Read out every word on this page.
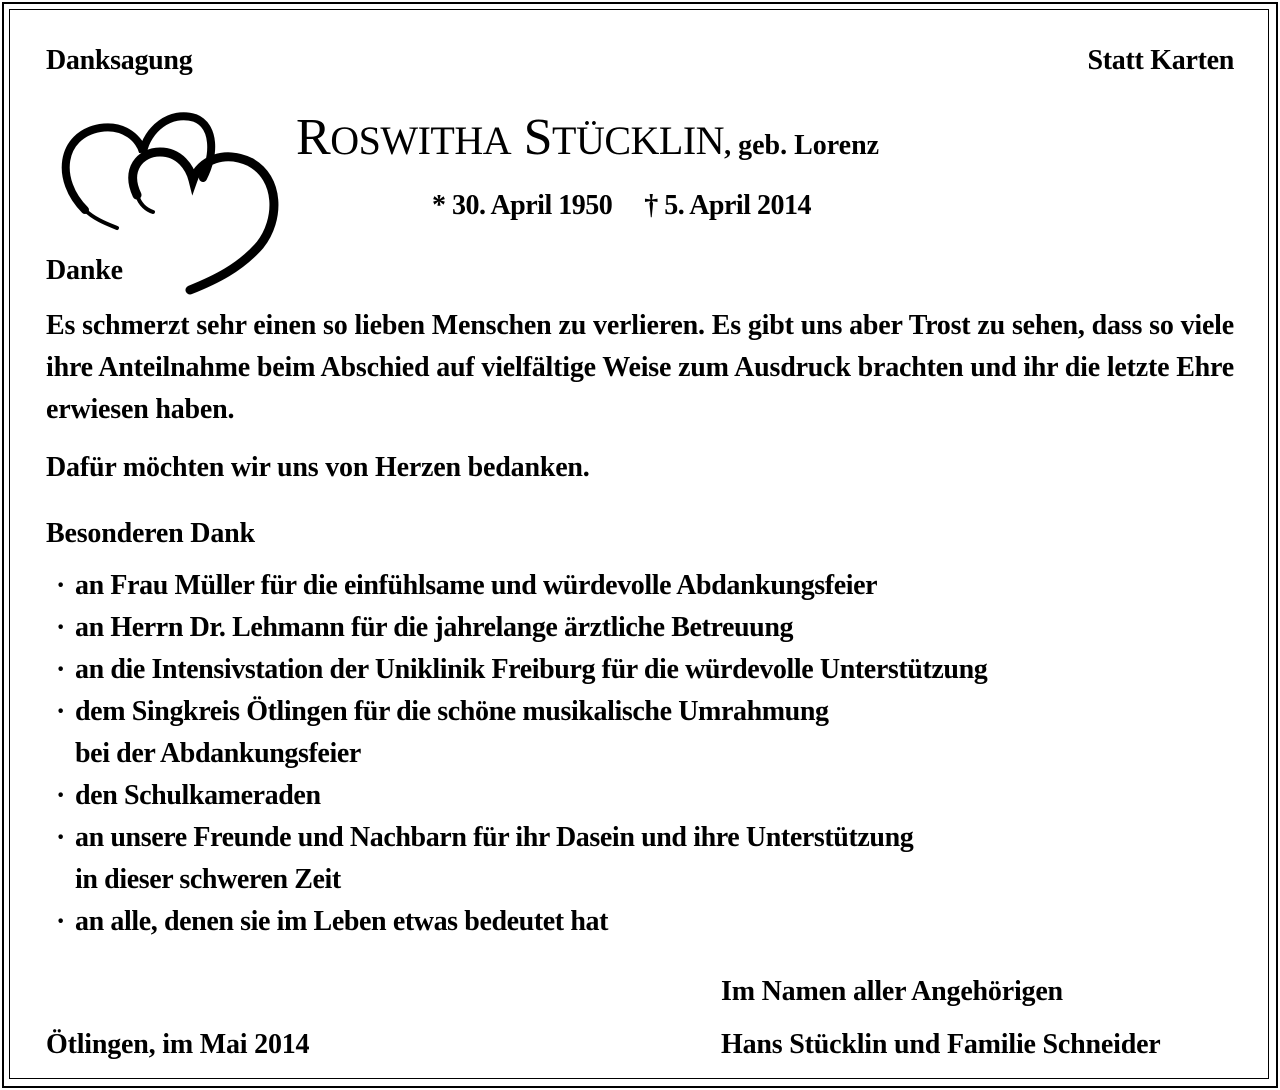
Danksagung	Statt Karten
ROSWITHA STÜCKLIN, geb. Lorenz
* 30. April 1950 † 5. April 2014
Danke
Es schmerzt sehr einen so lieben Menschen zu verlieren. Es gibt uns aber Trost zu sehen, dass so viele ihre Anteilnahme beim Abschied auf vielfältige Weise zum Ausdruck brachten und ihr die letzte Ehre erwiesen haben.
Dafür möchten wir uns von Herzen bedanken.
Besonderen Dank
· an Frau Müller für die einfühlsame und würdevolle Abdankungsfeier
· an Herrn Dr. Lehmann für die jahrelange ärztliche Betreuung
· an die Intensivstation der Uniklinik Freiburg für die würdevolle Unterstützung
· dem Singkreis Ötlingen für die schöne musikalische Umrahmung
bei der Abdankungsfeier
· den Schulkameraden
· an unsere Freunde und Nachbarn für ihr Dasein und ihre Unterstützung
in dieser schweren Zeit
· an alle, denen sie im Leben etwas bedeutet hat
Im Namen aller Angehörigen
Ötlingen, im Mai 2014	Hans Stücklin und Familie Schneider
